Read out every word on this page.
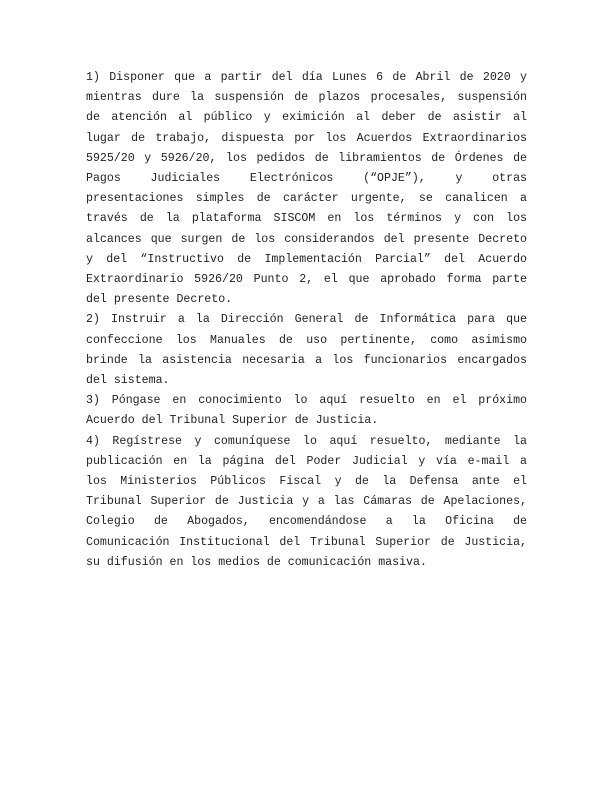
1) Disponer que a partir del día Lunes 6 de Abril de 2020 y
mientras dure la suspensión de plazos procesales, suspensión
de atención al público y eximición al deber de asistir al
lugar de trabajo, dispuesta por los Acuerdos Extraordinarios
5925/20 y 5926/20, los pedidos de libramientos de Órdenes de
Pagos Judiciales Electrónicos (“OPJE”), y otras
presentaciones simples de carácter urgente, se canalicen a
través de la plataforma SISCOM en los términos y con los
alcances que surgen de los considerandos del presente Decreto
y del “Instructivo de Implementación Parcial” del Acuerdo
Extraordinario 5926/20 Punto 2, el que aprobado forma parte
del presente Decreto.
2) Instruir a la Dirección General de Informática para que
confeccione los Manuales de uso pertinente, como asimismo
brinde la asistencia necesaria a los funcionarios encargados
del sistema.
3) Póngase en conocimiento lo aquí resuelto en el próximo
Acuerdo del Tribunal Superior de Justicia.
4) Regístrese y comuníquese lo aquí resuelto, mediante la
publicación en la página del Poder Judicial y vía e-mail a
los Ministerios Públicos Fiscal y de la Defensa ante el
Tribunal Superior de Justicia y a las Cámaras de Apelaciones,
Colegio de Abogados, encomendándose a la Oficina de
Comunicación Institucional del Tribunal Superior de Justicia,
su difusión en los medios de comunicación masiva.
